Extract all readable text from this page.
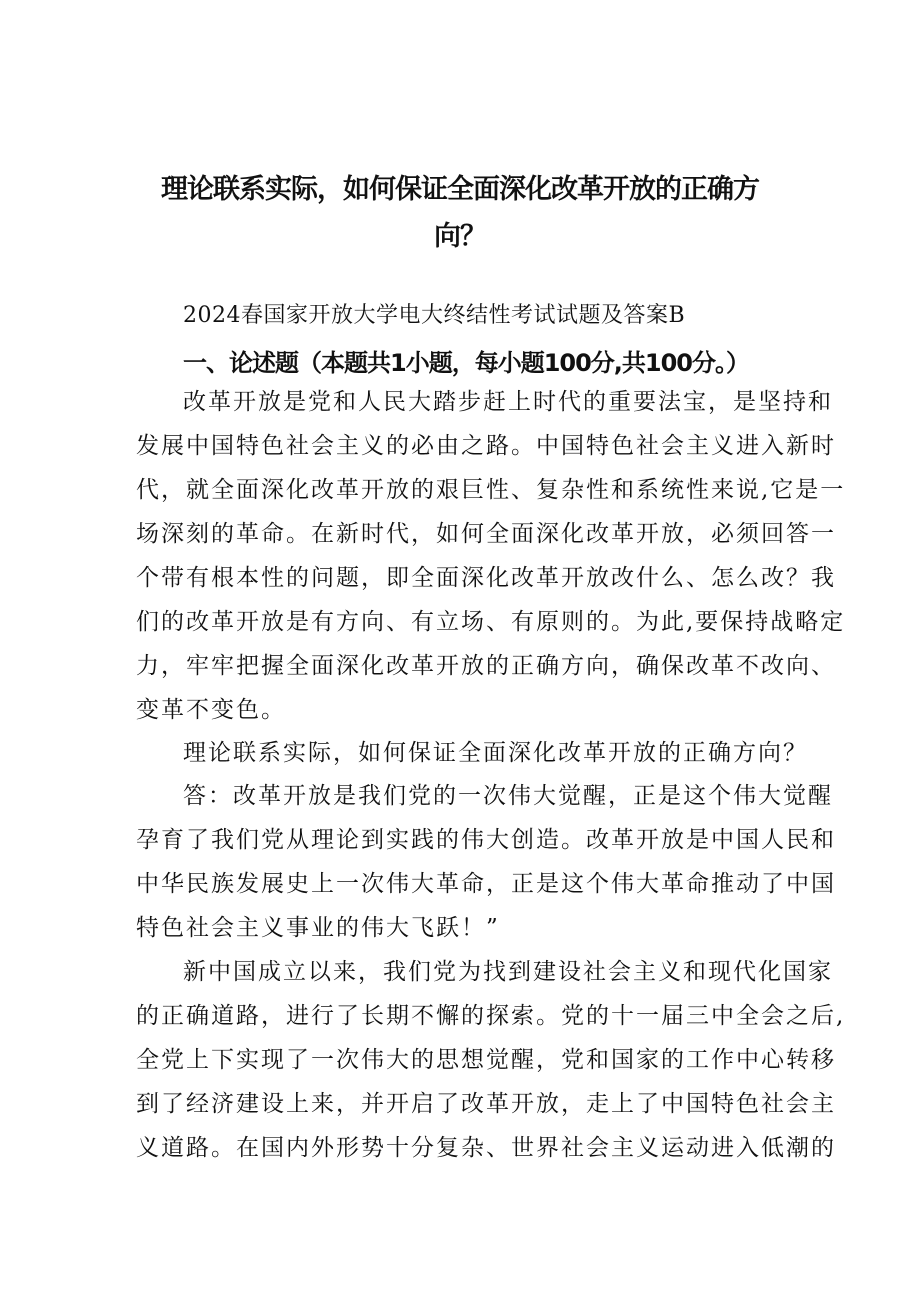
理论联系实际，如何保证全面深化改革开放的正确方
向？
2024春国家开放大学电大终结性考试试题及答案B
一、论述题（本题共1小题，每小题100分,共100分。）
改革开放是党和人民大踏步赶上时代的重要法宝，是坚持和
发展中国特色社会主义的必由之路。中国特色社会主义进入新时
代，就全面深化改革开放的艰巨性、复杂性和系统性来说,它是一
场深刻的革命。在新时代，如何全面深化改革开放，必须回答一
个带有根本性的问题，即全面深化改革开放改什么、怎么改？我
们的改革开放是有方向、有立场、有原则的。为此,要保持战略定
力，牢牢把握全面深化改革开放的正确方向，确保改革不改向、
变革不变色。
理论联系实际，如何保证全面深化改革开放的正确方向？
答：改革开放是我们党的一次伟大觉醒，正是这个伟大觉醒
孕育了我们党从理论到实践的伟大创造。改革开放是中国人民和
中华民族发展史上一次伟大革命，正是这个伟大革命推动了中国
特色社会主义事业的伟大飞跃！”
新中国成立以来，我们党为找到建设社会主义和现代化国家
的正确道路，进行了长期不懈的探索。党的十一届三中全会之后,
全党上下实现了一次伟大的思想觉醒，党和国家的工作中心转移
到了经济建设上来，并开启了改革开放，走上了中国特色社会主
义道路。在国内外形势十分复杂、世界社会主义运动进入低潮的
